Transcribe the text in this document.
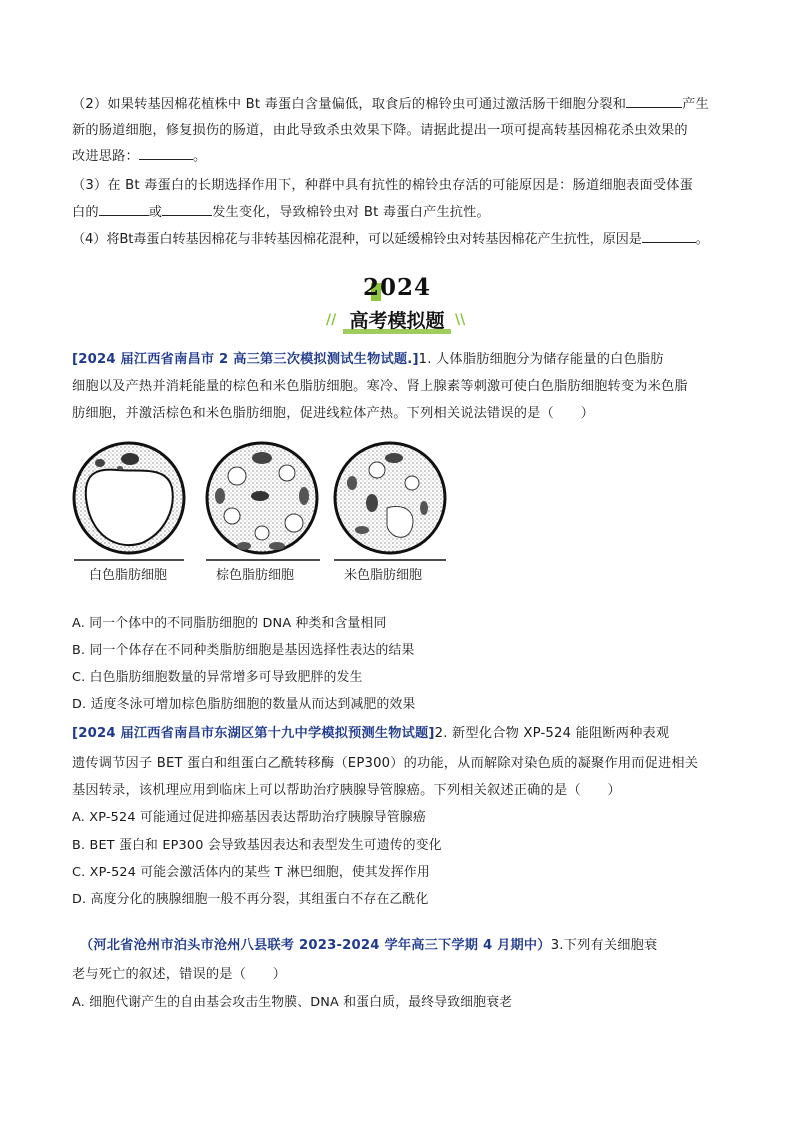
（2）如果转基因棉花植株中 Bt 毒蛋白含量偏低，取食后的棉铃虫可通过激活肠干细胞分裂和	产生
新的肠道细胞，修复损伤的肠道，由此导致杀虫效果下降。请据此提出一项可提高转基因棉花杀虫效果的
改进思路：	。
（3）在 Bt 毒蛋白的长期选择作用下，种群中具有抗性的棉铃虫存活的可能原因是：肠道细胞表面受体蛋
白的	或	发生变化，导致棉铃虫对 Bt 毒蛋白产生抗性。
（4）将Bt毒蛋白转基因棉花与非转基因棉花混种，可以延缓棉铃虫对转基因棉花产生抗性，原因是	。
2024
//	\\
高考模拟题
[2024 届江西省南昌市 2 高三第三次模拟测试生物试题.]1. 人体脂肪细胞分为储存能量的白色脂肪
细胞以及产热并消耗能量的棕色和米色脂肪细胞。寒冷、肾上腺素等刺激可使白色脂肪细胞转变为米色脂
肪细胞，并激活棕色和米色脂肪细胞，促进线粒体产热。下列相关说法错误的是（　　）
白色脂肪细胞	棕色脂肪细胞	米色脂肪细胞
A. 同一个体中的不同脂肪细胞的 DNA 种类和含量相同
B. 同一个体存在不同种类脂肪细胞是基因选择性表达的结果
C. 白色脂肪细胞数量的异常增多可导致肥胖的发生
D. 适度冬泳可增加棕色脂肪细胞的数量从而达到减肥的效果
[2024 届江西省南昌市东湖区第十九中学模拟预测生物试题]2. 新型化合物 XP-524 能阻断两种表观
遗传调节因子 BET 蛋白和组蛋白乙酰转移酶（EP300）的功能，从而解除对染色质的凝聚作用而促进相关
基因转录，该机理应用到临床上可以帮助治疗胰腺导管腺癌。下列相关叙述正确的是（　　）
A. XP-524 可能通过促进抑癌基因表达帮助治疗胰腺导管腺癌
B. BET 蛋白和 EP300 会导致基因表达和表型发生可遗传的变化
C. XP-524 可能会激活体内的某些 T 淋巴细胞，使其发挥作用
D. 高度分化的胰腺细胞一般不再分裂，其组蛋白不存在乙酰化
（河北省沧州市泊头市沧州八县联考 2023-2024 学年高三下学期 4 月期中）3.下列有关细胞衰
老与死亡的叙述，错误的是（　　）
A. 细胞代谢产生的自由基会攻击生物膜、DNA 和蛋白质，最终导致细胞衰老
